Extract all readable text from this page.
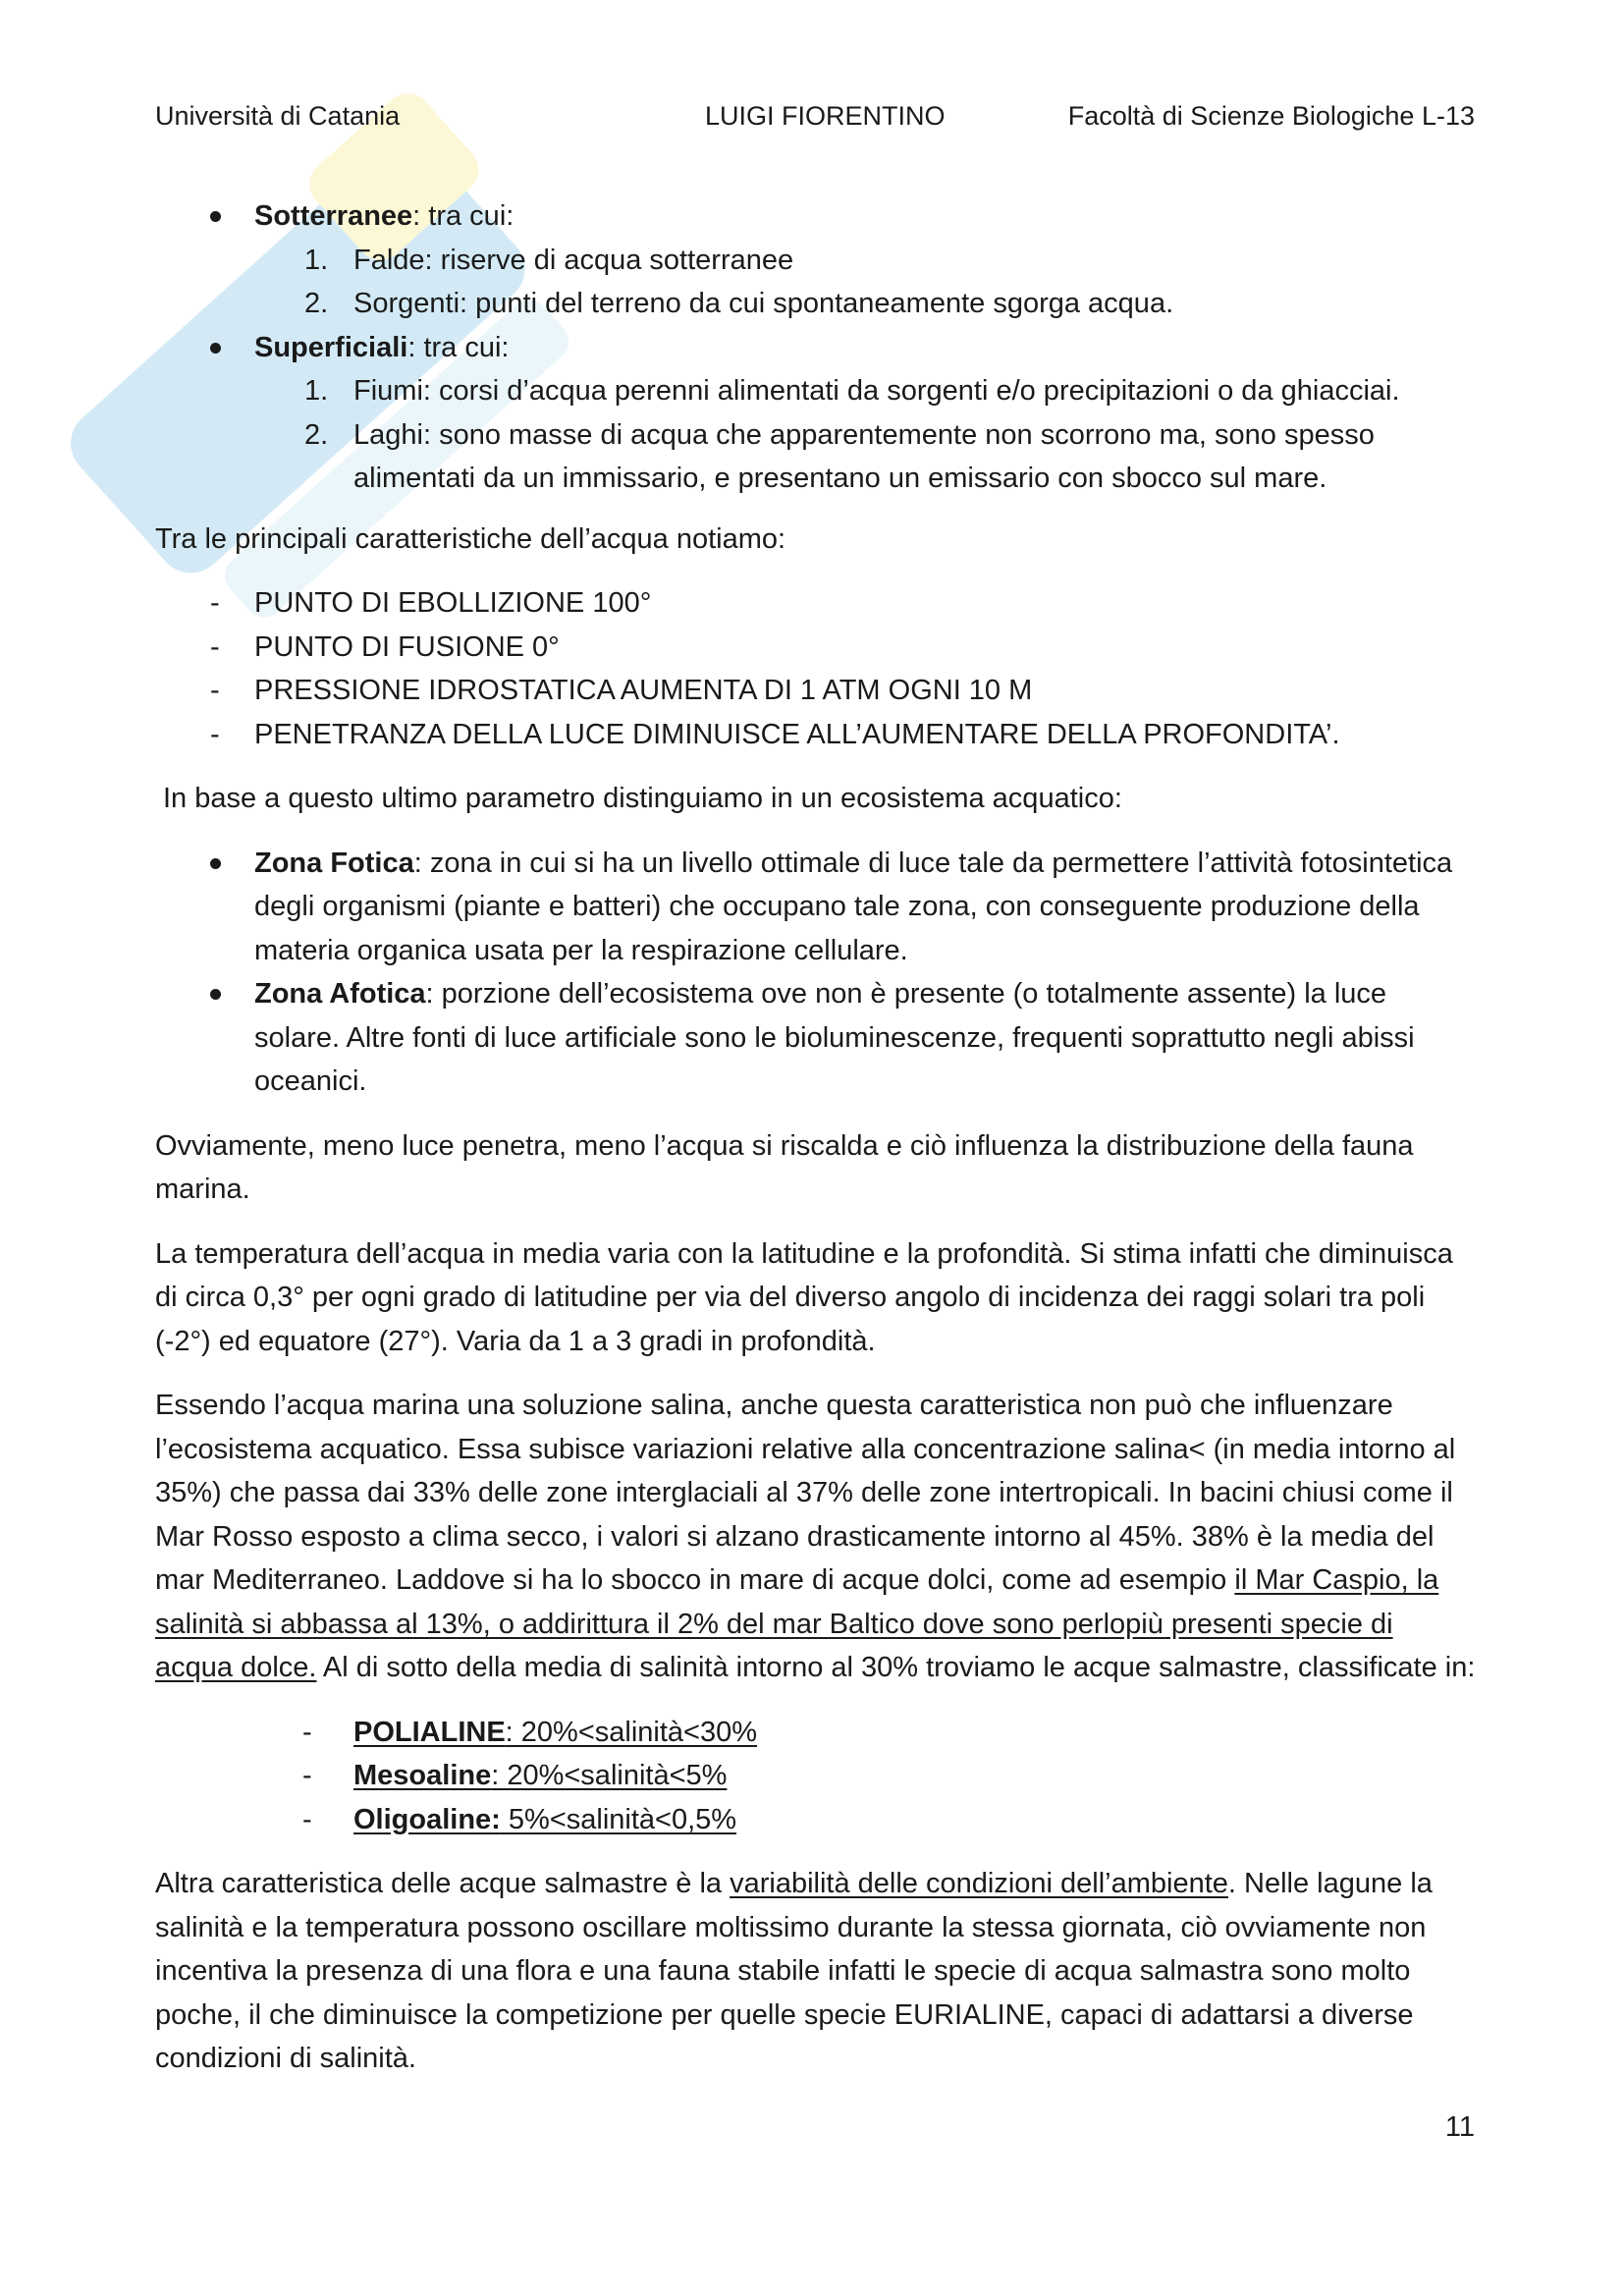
Università di Catania	LUIGI FIORENTINO	Facoltà di Scienze Biologiche L-13
Sotterranee: tra cui:
1. Falde: riserve di acqua sotterranee
2. Sorgenti: punti del terreno da cui spontaneamente sgorga acqua.
Superficiali: tra cui:
1. Fiumi: corsi d’acqua perenni alimentati da sorgenti e/o precipitazioni o da ghiacciai.
2. Laghi: sono masse di acqua che apparentemente non scorrono ma, sono spesso alimentati da un immissario, e presentano un emissario con sbocco sul mare.

Tra le principali caratteristiche dell’acqua notiamo:

- PUNTO DI EBOLLIZIONE 100°
- PUNTO DI FUSIONE 0°
- PRESSIONE IDROSTATICA AUMENTA DI 1 ATM OGNI 10 M
- PENETRANZA DELLA LUCE DIMINUISCE ALL’AUMENTARE DELLA PROFONDITA’.

In base a questo ultimo parametro distinguiamo in un ecosistema acquatico:

Zona Fotica: zona in cui si ha un livello ottimale di luce tale da permettere l’attività fotosintetica degli organismi (piante e batteri) che occupano tale zona, con conseguente produzione della materia organica usata per la respirazione cellulare.
Zona Afotica: porzione dell’ecosistema ove non è presente (o totalmente assente) la luce solare. Altre fonti di luce artificiale sono le bioluminescenze, frequenti soprattutto negli abissi oceanici.

Ovviamente, meno luce penetra, meno l’acqua si riscalda e ciò influenza la distribuzione della fauna marina.

La temperatura dell’acqua in media varia con la latitudine e la profondità. Si stima infatti che diminuisca di circa 0,3° per ogni grado di latitudine per via del diverso angolo di incidenza dei raggi solari tra poli (-2°) ed equatore (27°). Varia da 1 a 3 gradi in profondità.

Essendo l’acqua marina una soluzione salina, anche questa caratteristica non può che influenzare l’ecosistema acquatico. Essa subisce variazioni relative alla concentrazione salina< (in media intorno al 35%) che passa dai 33% delle zone interglaciali al 37% delle zone intertropicali. In bacini chiusi come il Mar Rosso esposto a clima secco, i valori si alzano drasticamente intorno al 45%. 38% è la media del mar Mediterraneo. Laddove si ha lo sbocco in mare di acque dolci, come ad esempio il Mar Caspio, la salinità si abbassa al 13%, o addirittura il 2% del mar Baltico dove sono perlopiù presenti specie di acqua dolce. Al di sotto della media di salinità intorno al 30% troviamo le acque salmastre, classificate in:

- POLIALINE: 20%<salinità<30%
- Mesoaline: 20%<salinità<5%
- Oligoaline: 5%<salinità<0,5%

Altra caratteristica delle acque salmastre è la variabilità delle condizioni dell’ambiente. Nelle lagune la salinità e la temperatura possono oscillare moltissimo durante la stessa giornata, ciò ovviamente non incentiva la presenza di una flora e una fauna stabile infatti le specie di acqua salmastra sono molto poche, il che diminuisce la competizione per quelle specie EURIALINE, capaci di adattarsi a diverse condizioni di salinità.

11
